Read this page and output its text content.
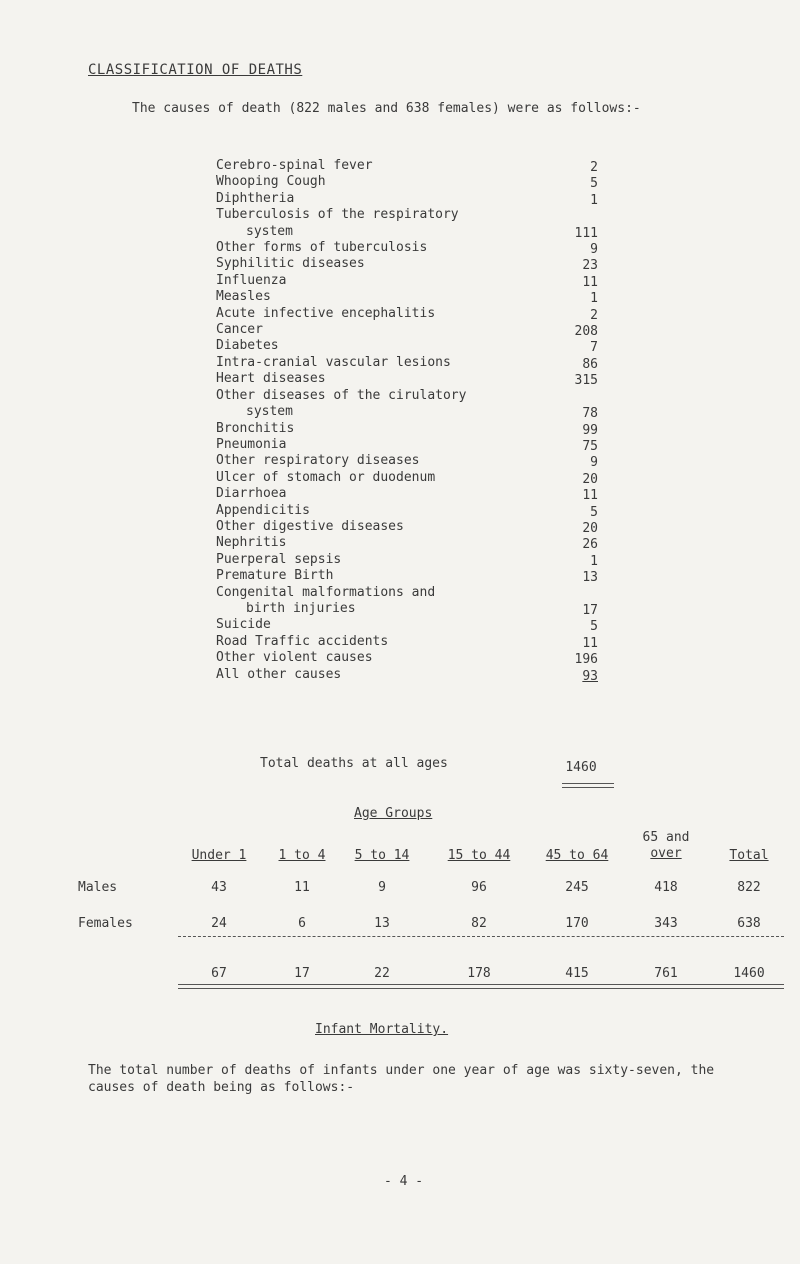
CLASSIFICATION OF DEATHS
The causes of death (822 males and 638 females) were as follows:-
Cerebro-spinal fever	2
Whooping Cough	5
Diphtheria	1
Tuberculosis of the respiratory
system	111
Other forms of tuberculosis	9
Syphilitic diseases	23
Influenza	11
Measles	1
Acute infective encephalitis	2
Cancer	208
Diabetes	7
Intra-cranial vascular lesions	86
Heart diseases	315
Other diseases of the cirulatory
system	78
Bronchitis	99
Pneumonia	75
Other respiratory diseases	9
Ulcer of stomach or duodenum	20
Diarrhoea	11
Appendicitis	5
Other digestive diseases	20
Nephritis	26
Puerperal sepsis	1
Premature Birth	13
Congenital malformations and
birth injuries	17
Suicide	5
Road Traffic accidents	11
Other violent causes	196
All other causes	93
Total deaths at all ages	1460
Age Groups
Under 1	1 to 4	5 to 14	15 to 44	45 to 64
65 and
over	Total
Males	43	11	9	96	245	418	822
Females	24	6	13	82	170	343	638
67	17	22	178	415	761	1460
Infant Mortality.
The total number of deaths of infants under one year of age was sixty-seven, the causes of death being as follows:-
- 4 -
